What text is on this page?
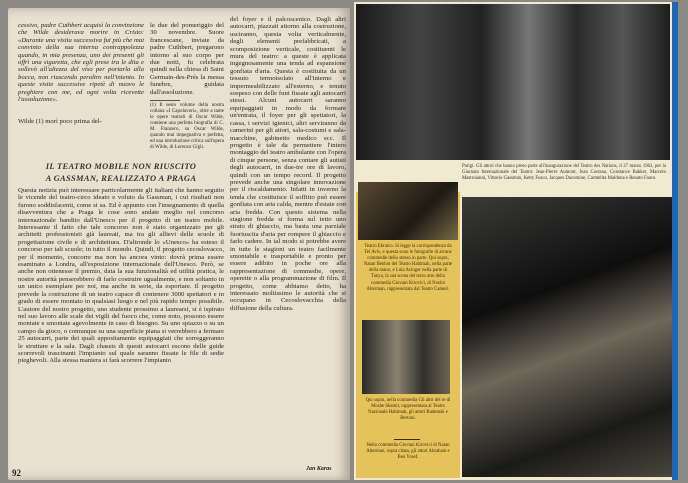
cessivo, padre Cuthbert acquisì la convinzione che Wilde desiderava morire in Cristo: «Durante una visita successiva fui più che mai convinto della sua interna contrappolezza quando, in mia presenza, uno dei presenti gli offrì una sigaretta, che egli prese tra le dita e sollevò all'altezza del viso per portarla alla bocca, non riuscendo peraltro nell'intento. In queste visite successive ripetè di nuovo le preghiere con me, ed ogni volta ricevette l'assoluzione».
Wilde (1) morì poco prima del-
le due del pomeriggio del 30 novembre. Suore francescane, inviate da padre Cuthbert, pregarono intorno al suo corpo per due notti, fu celebrata quindi nella chiesa di Saint Germain-des-Prés la messa funebre, guidata dall'assoluzione.
(1) Il sesto volume della nostra collana «I Capolavori», oltre a tante le opere teatrali di Oscar Wilde, contiene una perfetta biografia di C. M. Franzero, su Oscar Wilde, quando mai impegnativa e perfetta, ed una introduzione critica sull'opera di Wilde, di Lorenzo Gigli.
IL TEATRO MOBILE NON RIUSCITO
A GASSMAN, REALIZZATO A PRAGA
Questa notizia può interessare particolarmente gli italiani che hanno seguito le vicende del teatro-circo ideato e voluto da Gassman, i cui risultati non furono soddisfacenti, come si sa. Ed è appunto con l'insegnamento di quella disavventura che a Praga le cose sono andate meglio nel concorso internazionale bandito dall'Unesco per il progetto di un teatro mobile. Interessante il fatto che tale concorso non è stato organizzato per gli architetti professionisti già laureati, ma tra gli allievi delle scuole di progettazione civile e di architettura. D'altronde lo «Unesco» ha esteso il concorso per tali scuole; in tutto il mondo. Quindi, il progetto cecoslovacco, per il momento, concorre ma non ha ancora vinto: dovrà prima essere esaminato a Londra, all'esposizione internazionale dell'Unesco. Però, se anche non ottenesse il premio, data la sua funzionalità ed utilità pratica, le nostre autorità penserebbero di farlo costruire ugualmente, e non soltanto in un unico esemplare per noi, ma anche in serie, da esportare. Il progetto prevede la costruzione di un teatro capace di contenere 3000 spettatori e in grado di essere montato in qualsiasi luogo e nel più rapido tempo possibile. L'autore del nostro progetto, uno studente prossimo a laurearsi, si è ispirato nel suo lavoro alle scale dei vigili del fuoco che, come noto, possono essere montate e smontate agevolmente in caso di bisogno. Su uno spiazzo o su un campo da gioco, o comunque su una superficie piana si verrebbero a fermare 25 autocarri, parte dei quali appositamente equipaggiati che sorreggeranno le strutture e la sala. Dagli chassis di questi autocarri escono delle guide scorrevoli trascinanti l'impianto sul quale saranno fissate le file di sedie pieghevoli. Alla stessa maniera si farà scorrere l'impianto
del foyer e il palcoscenico. Dagli altri autocarri, piazzati attorno alla costruzione, usciranno, questa volta verticalmente, degli elementi prefabbricati, a scomposizione verticale, costituenti le mura del teatro: a queste è applicata ingegnosamente una tenda ad espansione gonfiata d'aria. Questa è costituita da un tessuto termoisolato all'interno e impermeabilizzato all'esterno, e tenuto sospeso con delle funi fissate agli autocarri stessi. Alcuni autocarri saranno equipaggiati in modo da formare un'entrata, il foyer per gli spettatori, la cassa, i servizi igienici, altri serviranno da camerini per gli attori, sala-costumi e sala-macchine, gabinetto medico ecc. Il progetto è tale da permettere l'intero montaggio del teatro ambulante con l'opera di cinque persone, senza contare gli autisti degli autocarri, in due-tre ore di lavoro, quindi con un tempo record. Il progetto prevede anche una singolare innovazione per il riscaldamento. Infatti in inverno la tenda che costituisce il soffitto può essere gonfiata con aria calda, mentre d'estate con aria fredda. Con questo sistema nella stagione fredda si forma sul tetto uno strato di ghiaccio, ma basta una parziale fuoriuscita d'aria per rompere il ghiaccio e farlo cadere. In tal modo si potrebbe avere in tutte le stagioni un teatro facilmente smontabile e trasportabile e pronto per essere adibito in poche ore alla rappresentazione di commedie, opere, operette o alla programmazione di film. Il progetto, come abbiamo detto, ha interessato moltissimo le autorità che si occupano in Cecoslovacchia della diffusione della cultura.
92	Jan Karas
Parigi. Gli attori che hanno preso parte all'inaugurazione del Teatro des Nations, il 27 marzo 1962, per la Giornata Internazionale del Teatro: Jean-Pierre Aumont, Jean Cocteau, Constance Bakker, Marcelo Mastroianni, Vittorio Gassman, Ketty Fusco, Jacques Dacomine, Carmelita Maldona e Renato Fauro.
Teatro Ebraico. Si legge la corrispondenza da Tel Aviv, e questa sono le fotografie di alcune commedie dello stesso in parte. Qui sopra, Natan Benhot del Teatro Habimah, nella parte della mano, e Lola Avinger nella parte di Tanya, la sua scena del terzo atto della commedia Giovani Kirovici, di Nosim Alterman, rappresentata dal Teatro Cameri.
Qui sopra, nella commedia Gli altri del re di Moshe Shamir, rappresentata al Teatro Nazionale Habimah, gli attori Rudenski e Bertoni.
Nella commedia Giovani Kirovici di Natan Alterman, sopra citata, gli attori Abraham e Ben Yosef.
